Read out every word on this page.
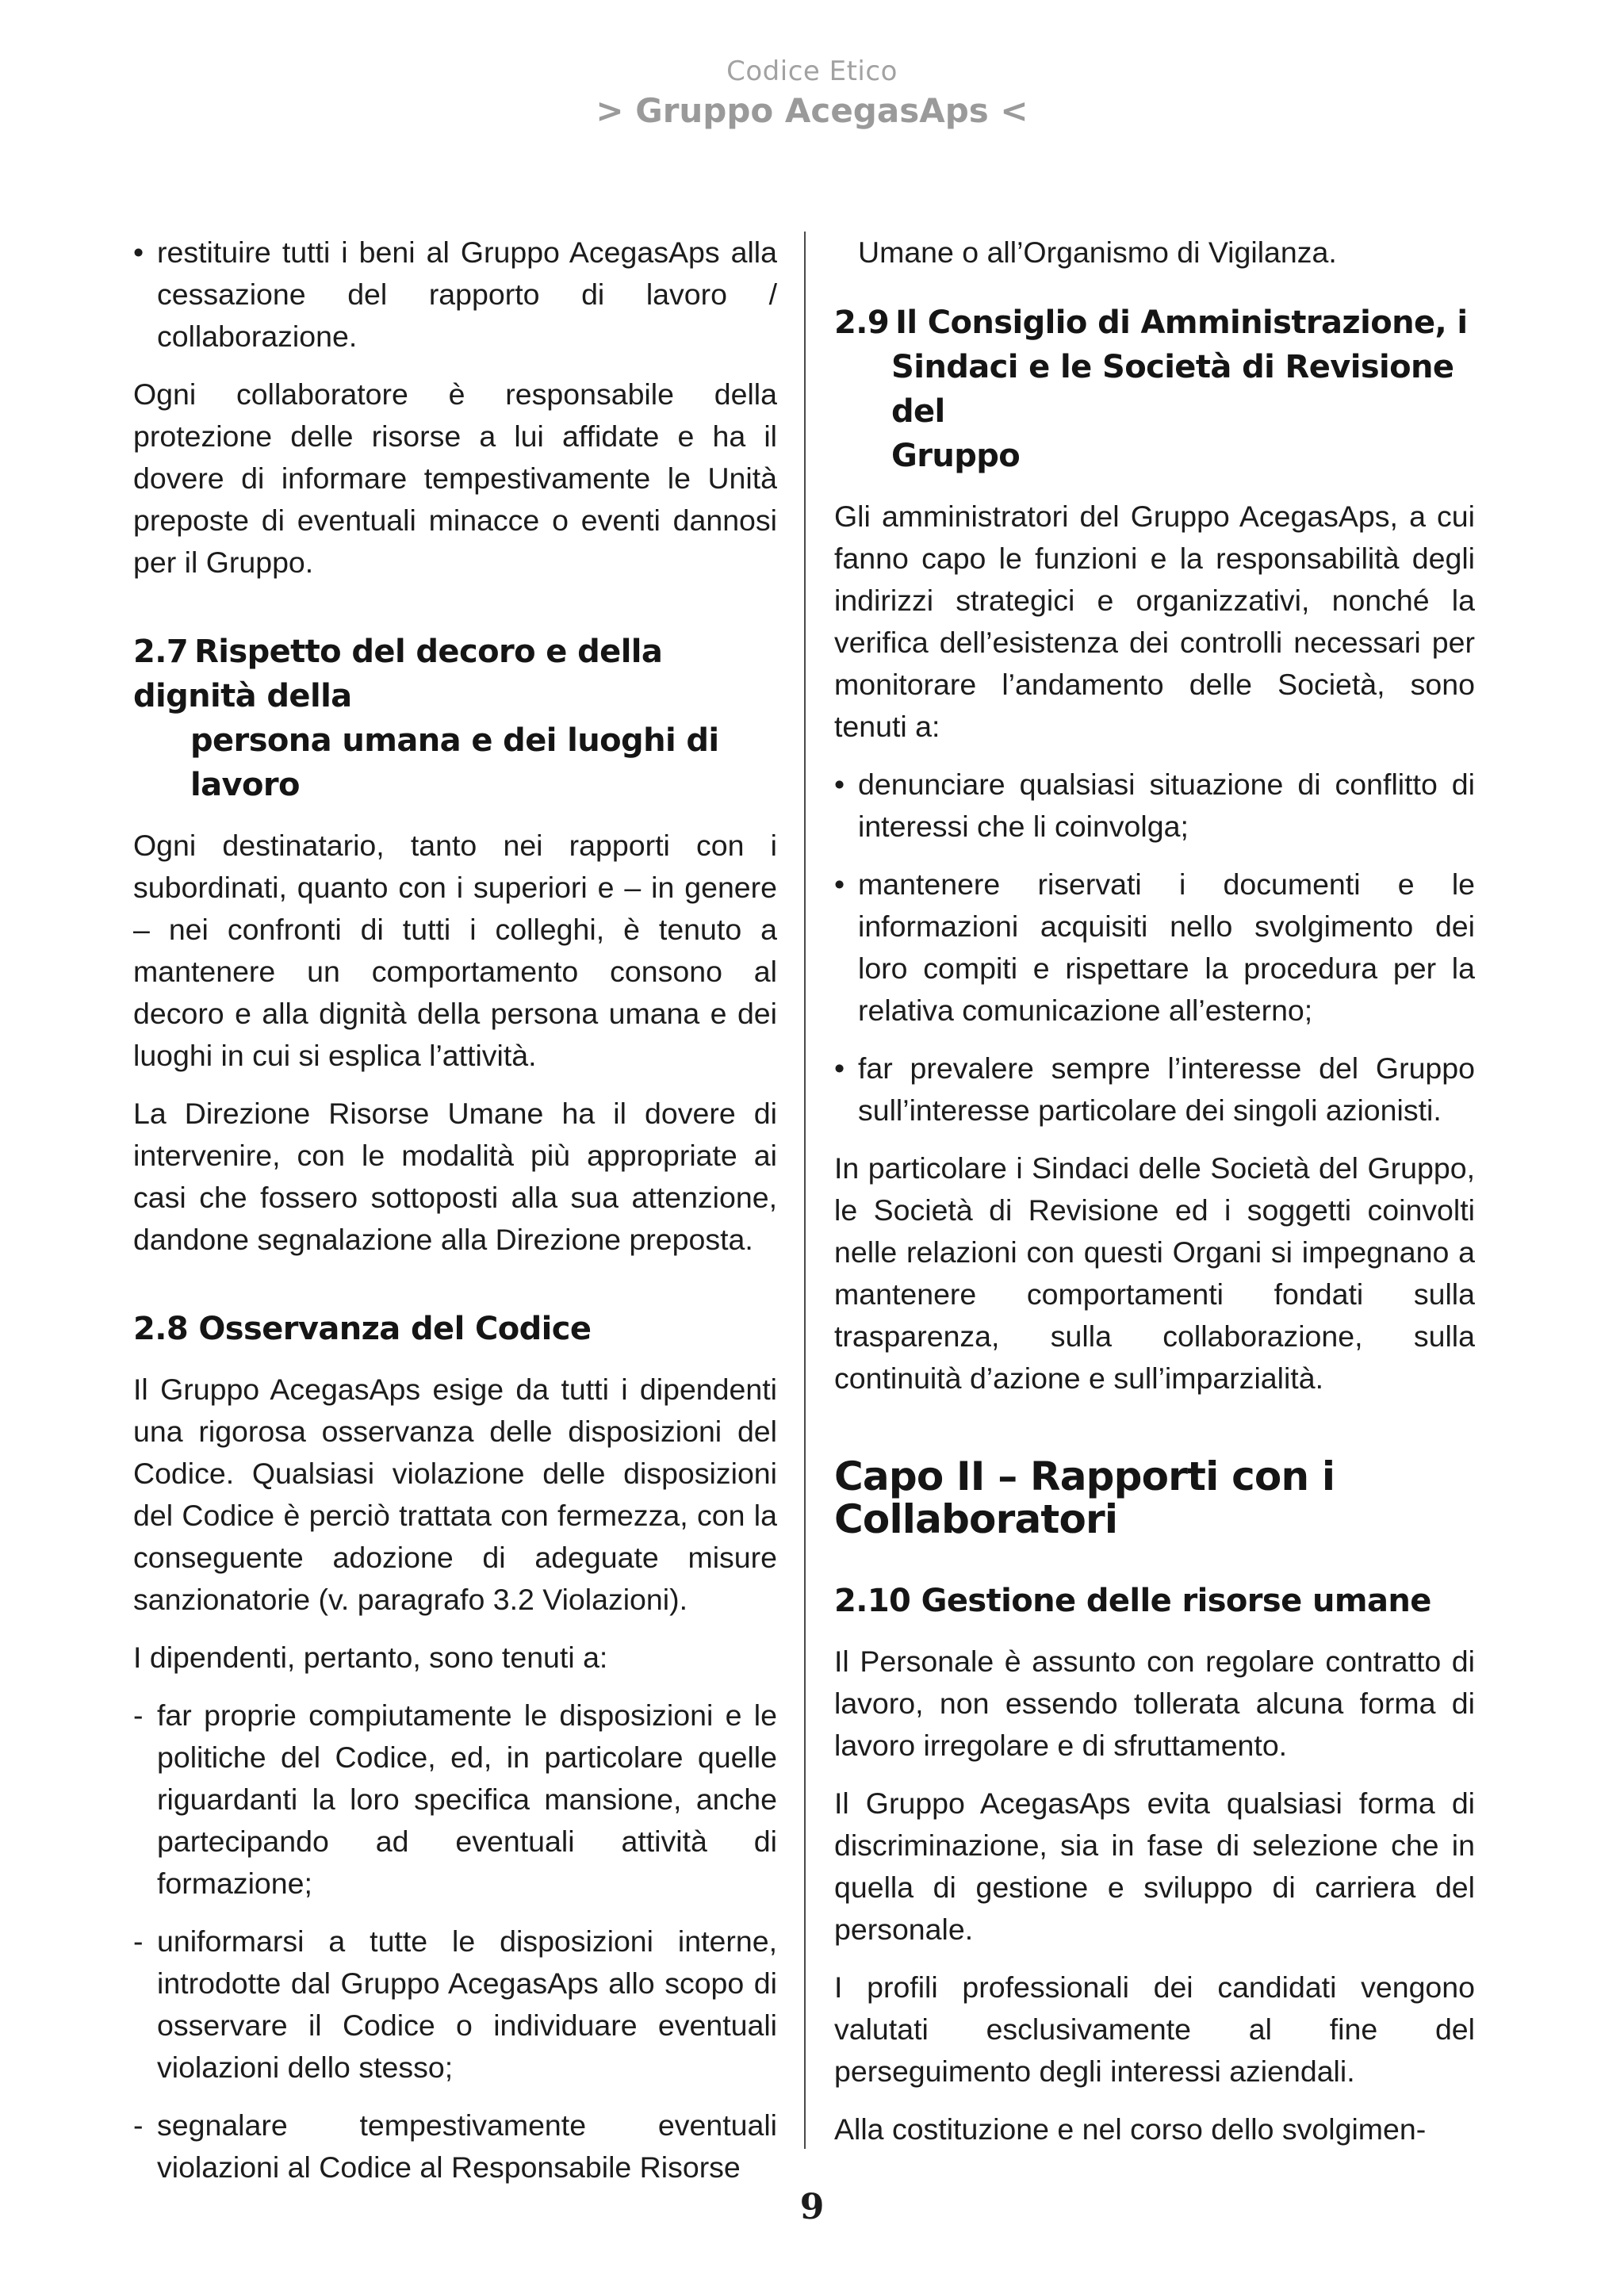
Codice Etico
> Gruppo AcegasAps <
• restituire tutti i beni al Gruppo AcegasAps alla cessazione del rapporto di lavoro / collaborazione.

Ogni collaboratore è responsabile della protezione delle risorse a lui affidate e ha il dovere di informare tempestivamente le Unità preposte di eventuali minacce o eventi dannosi per il Gruppo.

2.7 Rispetto del decoro e della dignità della
persona umana e dei luoghi di lavoro

Ogni destinatario, tanto nei rapporti con i subordinati, quanto con i superiori e – in genere – nei confronti di tutti i colleghi, è tenuto a mantenere un comportamento consono al decoro e alla dignità della persona umana e dei luoghi in cui si esplica l’attività.

La Direzione Risorse Umane ha il dovere di intervenire, con le modalità più appropriate ai casi che fossero sottoposti alla sua attenzione, dandone segnalazione alla Direzione preposta.

2.8 Osservanza del Codice

Il Gruppo AcegasAps esige da tutti i dipendenti una rigorosa osservanza delle disposizioni del Codice. Qualsiasi violazione delle disposizioni del Codice è perciò trattata con fermezza, con la conseguente adozione di adeguate misure sanzionatorie (v. paragrafo 3.2 Violazioni).

I dipendenti, pertanto, sono tenuti a:

- far proprie compiutamente le disposizioni e le politiche del Codice, ed, in particolare quelle riguardanti la loro specifica mansione, anche partecipando ad eventuali attività di formazione;
- uniformarsi a tutte le disposizioni interne, introdotte dal Gruppo AcegasAps allo scopo di osservare il Codice o individuare eventuali violazioni dello stesso;
- segnalare tempestivamente eventuali violazioni al Codice al Responsabile Risorse
Umane o all’Organismo di Vigilanza.
2.9 Il Consiglio di Amministrazione, i
Sindaci e le Società di Revisione del
Gruppo

Gli amministratori del Gruppo AcegasAps, a cui fanno capo le funzioni e la responsabilità degli indirizzi strategici e organizzativi, nonché la verifica dell’esistenza dei controlli necessari per monitorare l’andamento delle Società, sono tenuti a:

• denunciare qualsiasi situazione di conflitto di interessi che li coinvolga;
• mantenere riservati i documenti e le informazioni acquisiti nello svolgimento dei loro compiti e rispettare la procedura per la relativa comunicazione all’esterno;
• far prevalere sempre l’interesse del Gruppo sull’interesse particolare dei singoli azionisti.

In particolare i Sindaci delle Società del Gruppo, le Società di Revisione ed i soggetti coinvolti nelle relazioni con questi Organi si impegnano a mantenere comportamenti fondati sulla trasparenza, sulla collaborazione, sulla continuità d’azione e sull’imparzialità.

Capo II – Rapporti con i
Collaboratori
2.10 Gestione delle risorse umane

Il Personale è assunto con regolare contratto di lavoro, non essendo tollerata alcuna forma di lavoro irregolare e di sfruttamento.

Il Gruppo AcegasAps evita qualsiasi forma di discriminazione, sia in fase di selezione che in quella di gestione e sviluppo di carriera del personale.

I profili professionali dei candidati vengono valutati esclusivamente al fine del perseguimento degli interessi aziendali.

Alla costituzione e nel corso dello svolgimen-

9
